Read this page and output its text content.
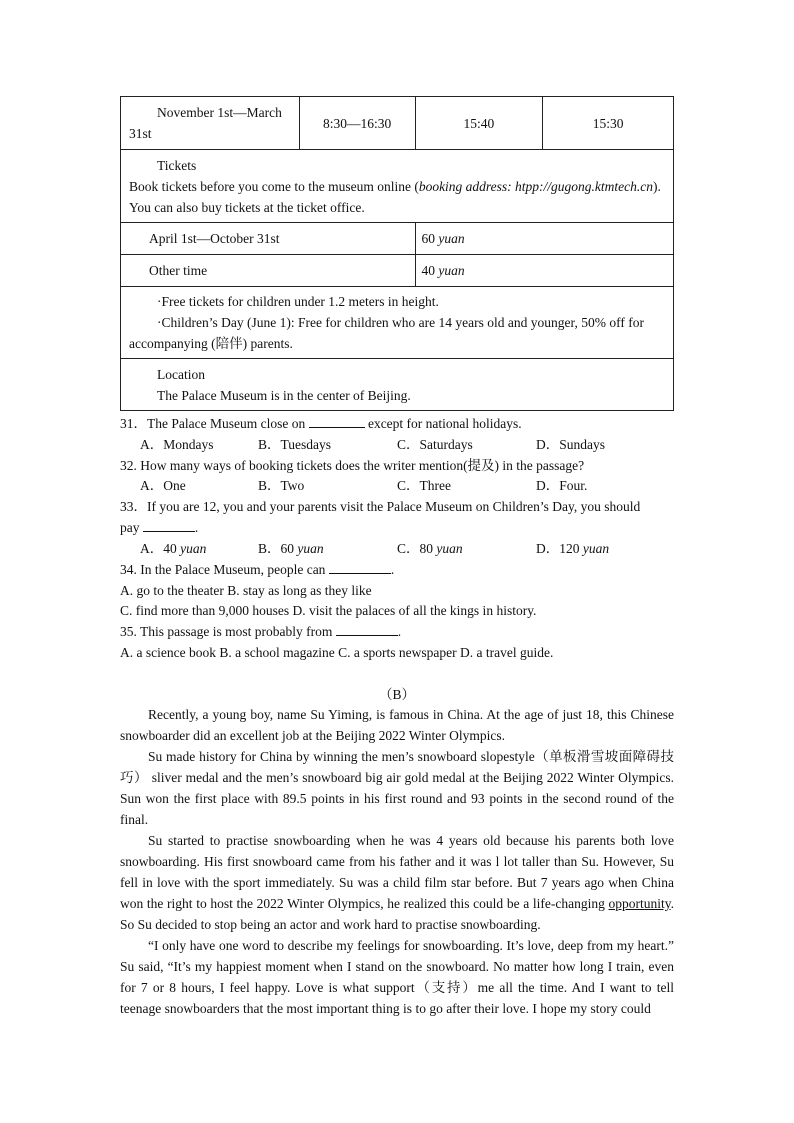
November 1st—March 31st	8:30—16:30	15:40	15:30

Tickets
Book tickets before you come to the museum online (booking address: htpp://gugong.ktmtech.cn). You can also buy tickets at the ticket office.			

April 1st—October 31st		60 yuan	
Other time		40 yuan	

·Free tickets for children under 1.2 meters in height.
·Children’s Day (June 1): Free for children who are 14 years old and younger, 50% off for accompanying (陪伴) parents.			

Location
The Palace Museum is in the center of Beijing.			
31．The Palace Museum close on	except for national holidays.
A．Mondays	B．Tuesdays	C．Saturdays	D．Sundays
32. How many ways of booking tickets does the writer mention(提及) in the passage?
A．One	B．Two	C．Three	D．Four.
33．If you are 12, you and your parents visit the Palace Museum on Children’s Day, you should
pay	.
A．40 yuan	B．60 yuan	C．80 yuan	D．120 yuan
34. In the Palace Museum, people can	.
A. go to the theater B. stay as long as they like
C. find more than 9,000 houses D. visit the palaces of all the kings in history.
35. This passage is most probably from	.
A. a science book B. a school magazine C. a sports newspaper D. a travel guide.
（B）

Recently, a young boy, name Su Yiming, is famous in China. At the age of just 18, this Chinese snowboarder did an excellent job at the Beijing 2022 Winter Olympics.

Su made history for China by winning the men’s snowboard slopestyle（单板滑雪坡面障碍技巧） sliver medal and the men’s snowboard big air gold medal at the Beijing 2022 Winter Olympics. Sun won the first place with 89.5 points in his first round and 93 points in the second round of the final.

Su started to practise snowboarding when he was 4 years old because his parents both love snowboarding. His first snowboard came from his father and it was l lot taller than Su. However, Su fell in love with the sport immediately. Su was a child film star before. But 7 years ago when China won the right to host the 2022 Winter Olympics, he realized this could be a life-changing opportunity. So Su decided to stop being an actor and work hard to practise snowboarding.

“I only have one word to describe my feelings for snowboarding. It’s love, deep from my heart.” Su said, “It’s my happiest moment when I stand on the snowboard. No matter how long I train, even for 7 or 8 hours, I feel happy. Love is what support（支持）me all the time. And I want to tell teenage snowboarders that the most important thing is to go after their love. I hope my story could
